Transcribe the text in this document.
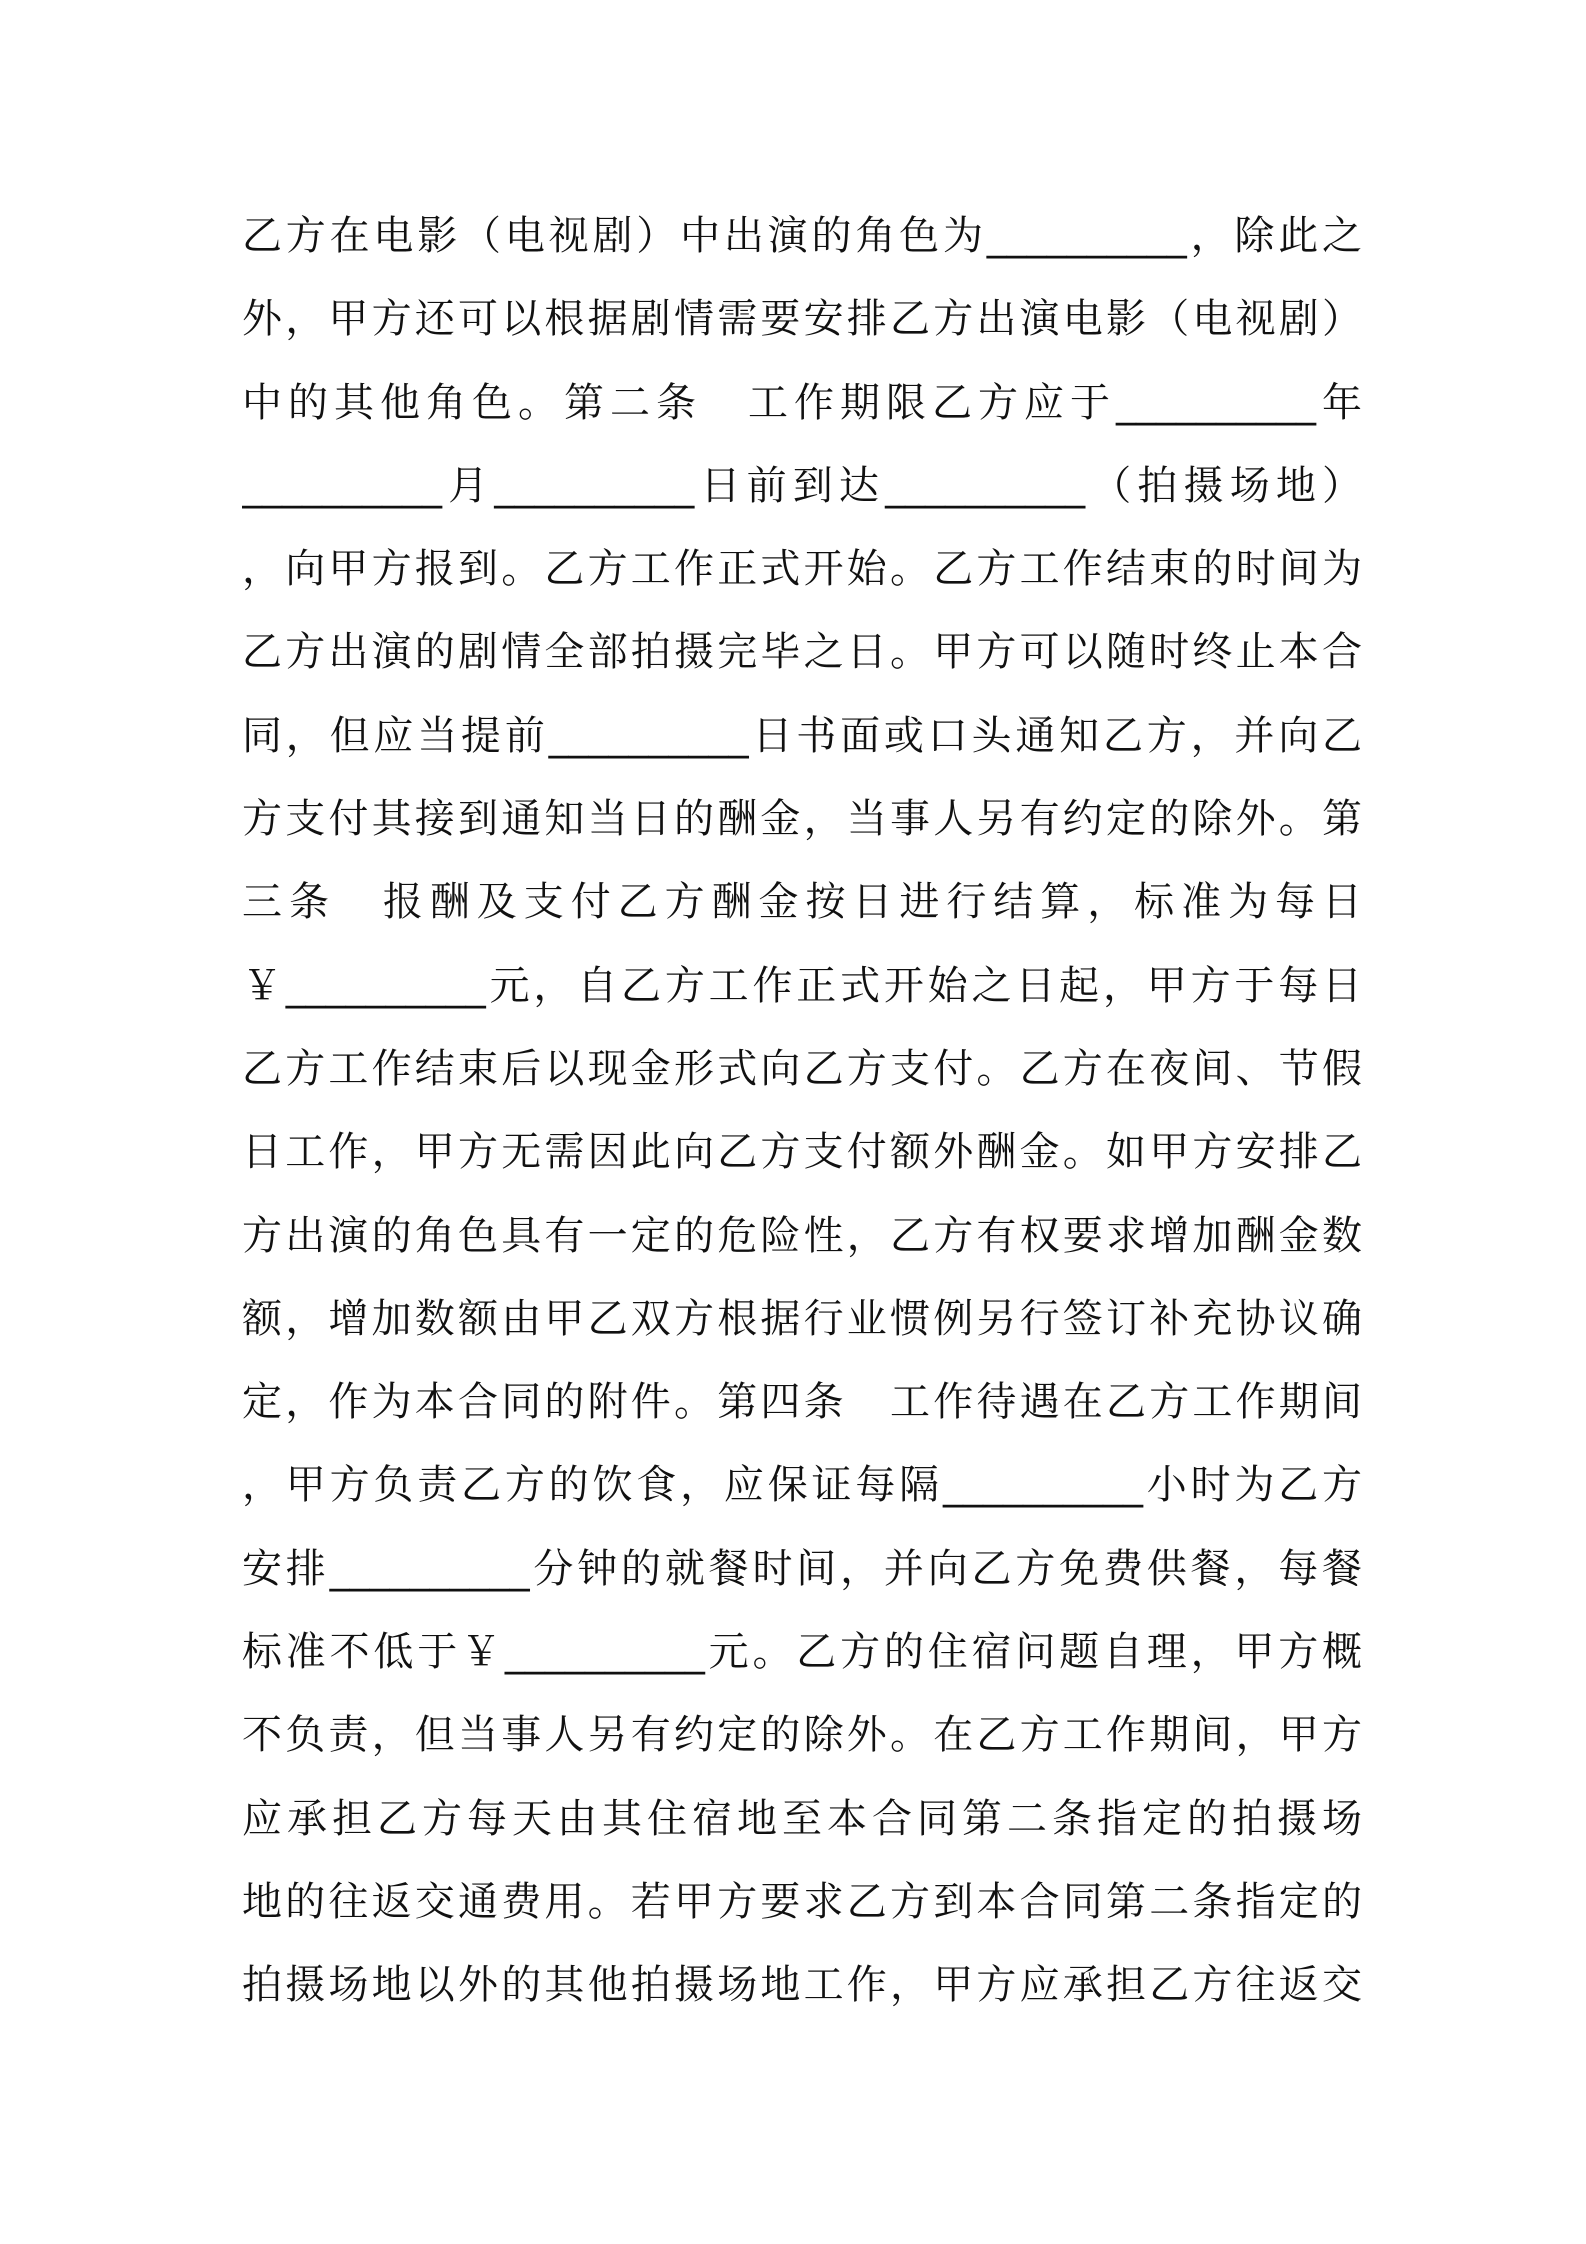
乙方在电影（电视剧）中出演的角色为__________，除此之
外，甲方还可以根据剧情需要安排乙方出演电影（电视剧）
中的其他角色。第二条　工作期限乙方应于__________年
__________月__________日前到达__________（拍摄场地）
，向甲方报到。乙方工作正式开始。乙方工作结束的时间为
乙方出演的剧情全部拍摄完毕之日。甲方可以随时终止本合
同，但应当提前__________日书面或口头通知乙方，并向乙
方支付其接到通知当日的酬金，当事人另有约定的除外。第
三条　报酬及支付乙方酬金按日进行结算，标准为每日
￥__________元，自乙方工作正式开始之日起，甲方于每日
乙方工作结束后以现金形式向乙方支付。乙方在夜间、节假
日工作，甲方无需因此向乙方支付额外酬金。如甲方安排乙
方出演的角色具有一定的危险性，乙方有权要求增加酬金数
额，增加数额由甲乙双方根据行业惯例另行签订补充协议确
定，作为本合同的附件。第四条　工作待遇在乙方工作期间
，甲方负责乙方的饮食，应保证每隔__________小时为乙方
安排__________分钟的就餐时间，并向乙方免费供餐，每餐
标准不低于￥__________元。乙方的住宿问题自理，甲方概
不负责，但当事人另有约定的除外。在乙方工作期间，甲方
应承担乙方每天由其住宿地至本合同第二条指定的拍摄场
地的往返交通费用。若甲方要求乙方到本合同第二条指定的
拍摄场地以外的其他拍摄场地工作，甲方应承担乙方往返交
